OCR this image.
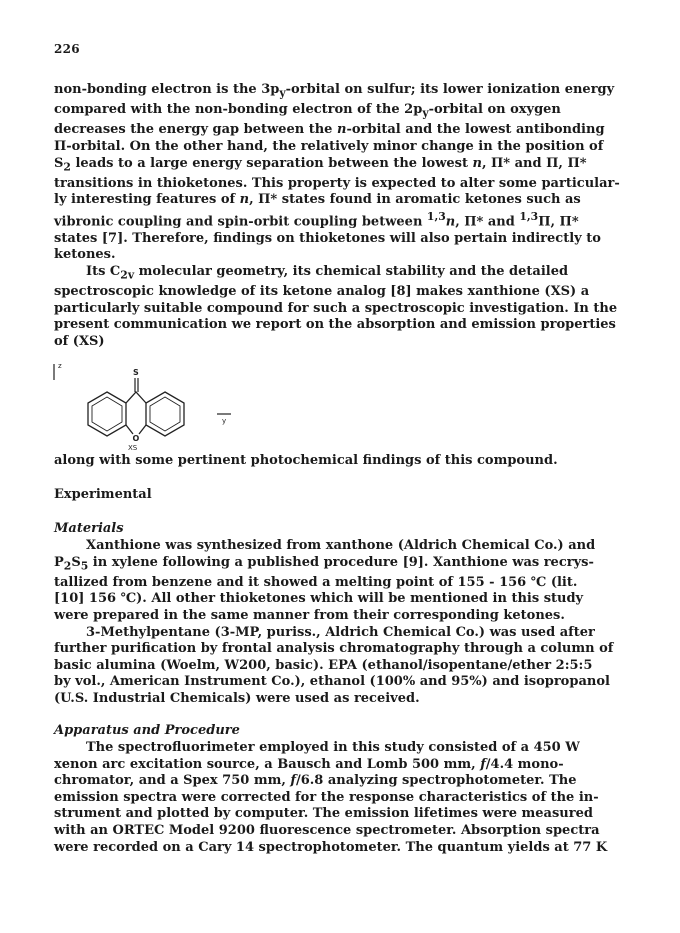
226
non-bonding electron is the $3p_y$-orbital on sulfur; its lower ionization energy
compared with the non-bonding electron of the $2p_y$-orbital on oxygen
decreases the energy gap between the n-orbital and the lowest antibonding
Π-orbital. On the other hand, the relatively minor change in the position of
$S_2$ leads to a large energy separation between the lowest n, Π* and Π, Π*
transitions in thioketones. This property is expected to alter some particular-
ly interesting features of n, Π* states found in aromatic ketones such as
vibronic coupling and spin-orbit coupling between $^{1,3}$n, Π* and $^{1,3}$Π, Π*
states [7]. Therefore, findings on thioketones will also pertain indirectly to
ketones.
Its $C_{2v}$ molecular geometry, its chemical stability and the detailed
spectroscopic knowledge of its ketone analog [8] makes xanthione (XS) a
particularly suitable compound for such a spectroscopic investigation. In the
present communication we report on the absorption and emission properties
of (XS)
z
S
O
XS
y
along with some pertinent photochemical findings of this compound.
Experimental
Materials
Xanthione was synthesized from xanthone (Aldrich Chemical Co.) and
$P_2S_5$ in xylene following a published procedure [9]. Xanthione was recrys-
tallized from benzene and it showed a melting point of 155 - 156 ℃ (lit.
[10] 156 ℃). All other thioketones which will be mentioned in this study
were prepared in the same manner from their corresponding ketones.
3-Methylpentane (3-MP, puriss., Aldrich Chemical Co.) was used after
further purification by frontal analysis chromatography through a column of
basic alumina (Woelm, W200, basic). EPA (ethanol/isopentane/ether 2:5:5
by vol., American Instrument Co.), ethanol (100% and 95%) and isopropanol
(U.S. Industrial Chemicals) were used as received.
Apparatus and Procedure
The spectrofluorimeter employed in this study consisted of a 450 W
xenon arc excitation source, a Bausch and Lomb 500 mm, f/4.4 mono-
chromator, and a Spex 750 mm, f/6.8 analyzing spectrophotometer. The
emission spectra were corrected for the response characteristics of the in-
strument and plotted by computer. The emission lifetimes were measured
with an ORTEC Model 9200 fluorescence spectrometer. Absorption spectra
were recorded on a Cary 14 spectrophotometer. The quantum yields at 77 K
